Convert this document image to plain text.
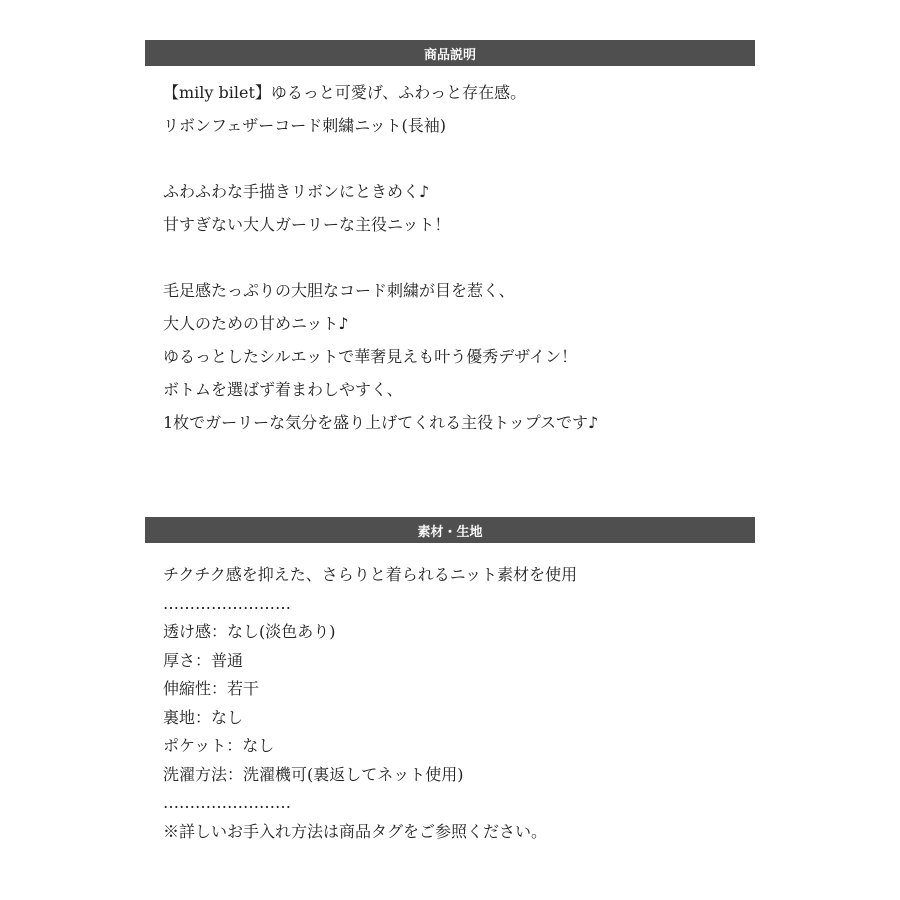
商品説明
【mily bilet】ゆるっと可愛げ、ふわっと存在感。
リボンフェザーコード刺繍ニット(長袖)
ふわふわな手描きリボンにときめく♪
甘すぎない大人ガーリーな主役ニット！
毛足感たっぷりの大胆なコード刺繍が目を惹く、
大人のための甘めニット♪
ゆるっとしたシルエットで華奢見えも叶う優秀デザイン！
ボトムを選ばず着まわしやすく、
1枚でガーリーな気分を盛り上げてくれる主役トップスです♪
素材・生地
チクチク感を抑えた、さらりと着られるニット素材を使用
……………………
透け感：なし(淡色あり)
厚さ：普通
伸縮性：若干
裏地：なし
ポケット：なし
洗濯方法：洗濯機可(裏返してネット使用)
……………………
※詳しいお手入れ方法は商品タグをご参照ください。
